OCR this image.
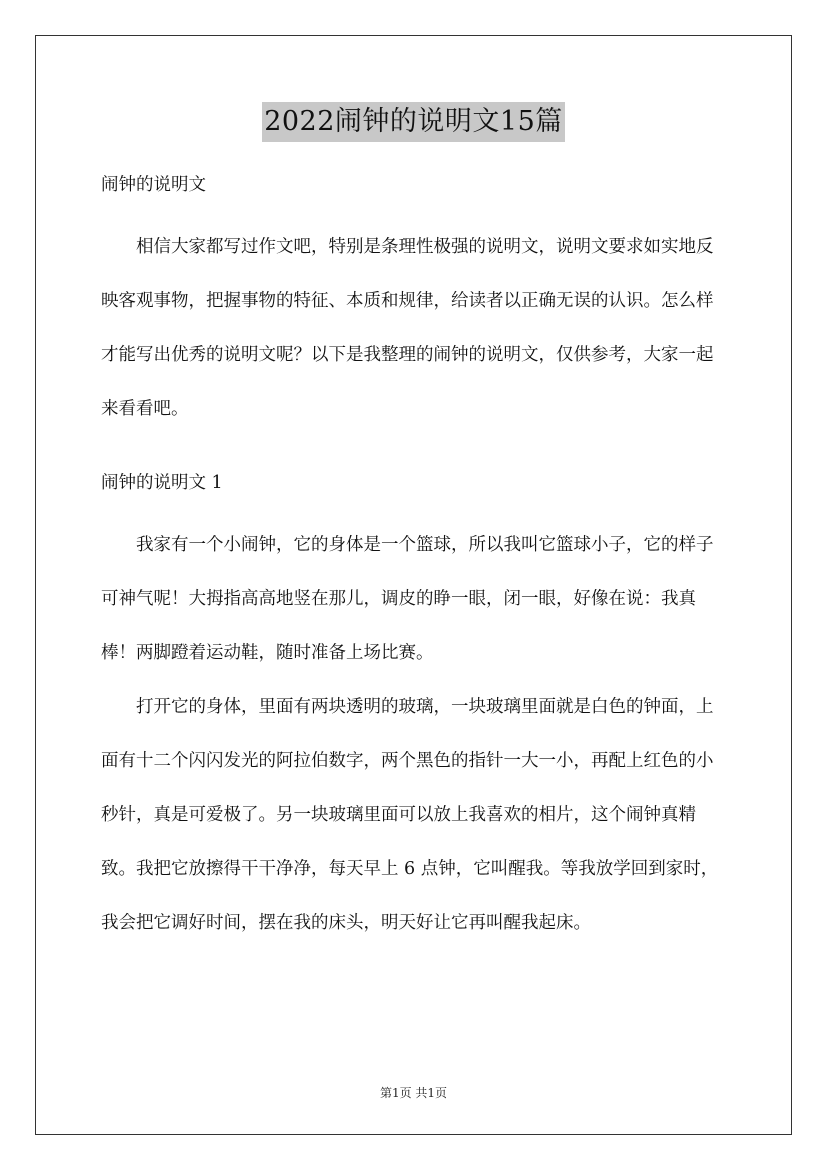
2022闹钟的说明文15篇
闹钟的说明文

相信大家都写过作文吧，特别是条理性极强的说明文，说明文要求如实地反映客观事物，把握事物的特征、本质和规律，给读者以正确无误的认识。怎么样才能写出优秀的说明文呢？以下是我整理的闹钟的说明文，仅供参考，大家一起来看看吧。

闹钟的说明文 1

我家有一个小闹钟，它的身体是一个篮球，所以我叫它篮球小子，它的样子可神气呢！大拇指高高地竖在那儿，调皮的睁一眼，闭一眼，好像在说：我真棒！两脚蹬着运动鞋，随时准备上场比赛。

打开它的身体，里面有两块透明的玻璃，一块玻璃里面就是白色的钟面，上面有十二个闪闪发光的阿拉伯数字，两个黑色的指针一大一小，再配上红色的小秒针，真是可爱极了。另一块玻璃里面可以放上我喜欢的相片，这个闹钟真精致。我把它放擦得干干净净，每天早上 6 点钟，它叫醒我。等我放学回到家时，我会把它调好时间，摆在我的床头，明天好让它再叫醒我起床。

第1页 共1页
